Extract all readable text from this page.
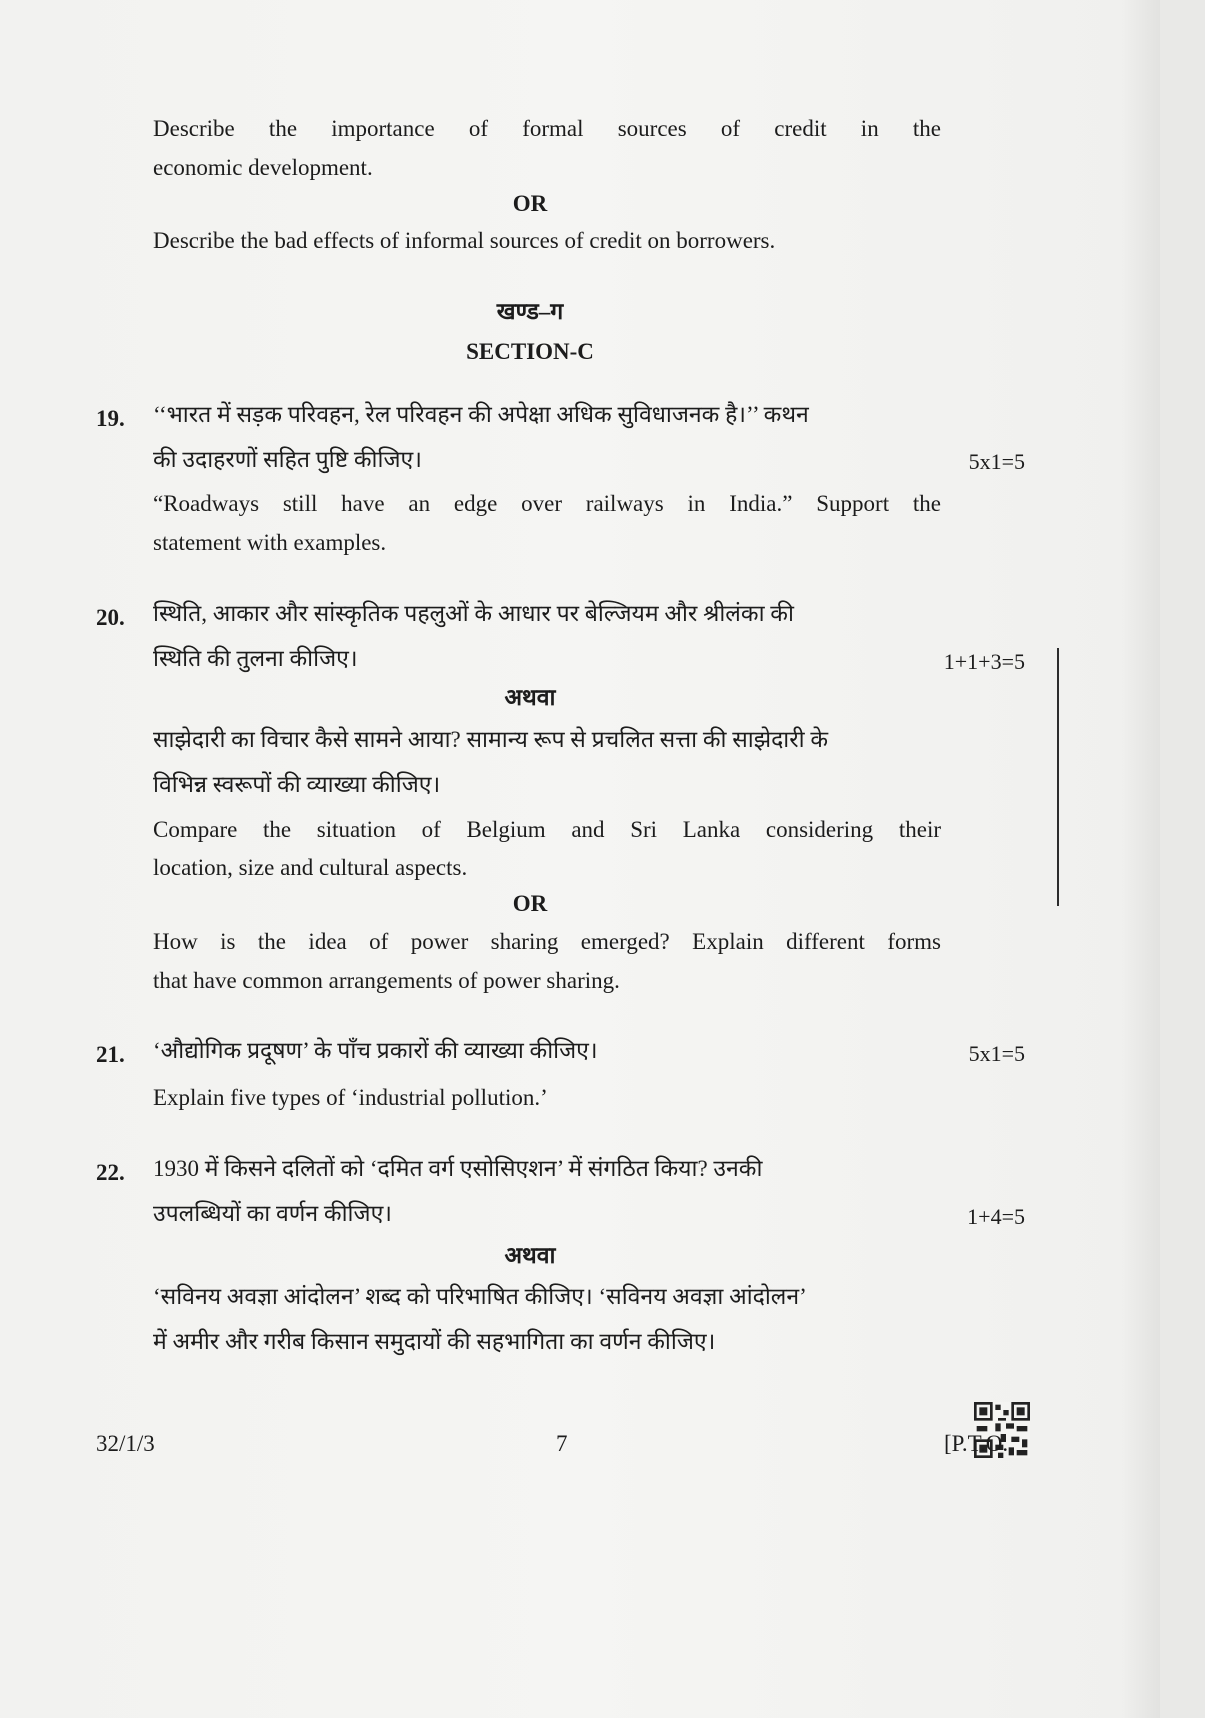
Describe the importance of formal sources of credit in the
economic development.
OR
Describe the bad effects of informal sources of credit on borrowers.
खण्ड–ग
SECTION-C
19. ‘‘भारत में सड़क परिवहन, रेल परिवहन की अपेक्षा अधिक सुविधाजनक है।’’ कथन
की उदाहरणों सहित पुष्टि कीजिए।	5x1=5
“Roadways still have an edge over railways in India.” Support the
statement with examples.
20. स्थिति, आकार और सांस्कृतिक पहलुओं के आधार पर बेल्जियम और श्रीलंका की
स्थिति की तुलना कीजिए।	1+1+3=5
अथवा
साझेदारी का विचार कैसे सामने आया? सामान्य रूप से प्रचलित सत्ता की साझेदारी के
विभिन्न स्वरूपों की व्याख्या कीजिए।
Compare the situation of Belgium and Sri Lanka considering their
location, size and cultural aspects.
OR
How is the idea of power sharing emerged? Explain different forms
that have common arrangements of power sharing.
21. ‘औद्योगिक प्रदूषण’ के पाँच प्रकारों की व्याख्या कीजिए।	5x1=5
Explain five types of ‘industrial pollution.’
22. 1930 में किसने दलितों को ‘दमित वर्ग एसोसिएशन’ में संगठित किया? उनकी
उपलब्धियों का वर्णन कीजिए।	1+4=5
अथवा
‘सविनय अवज्ञा आंदोलन’ शब्द को परिभाषित कीजिए। ‘सविनय अवज्ञा आंदोलन’
में अमीर और गरीब किसान समुदायों की सहभागिता का वर्णन कीजिए।
32/1/3	7	[P.T.O.
